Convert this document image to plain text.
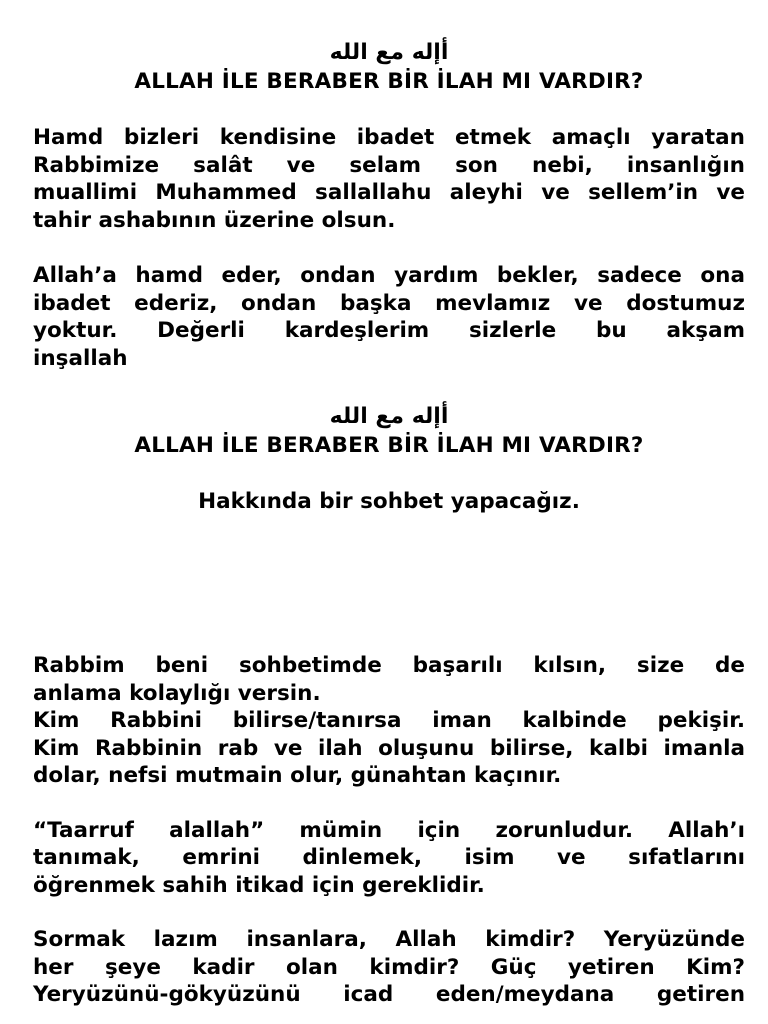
أإله مع الله
ALLAH İLE BERABER BİR İLAH MI VARDIR?
Hamd bizleri kendisine ibadet etmek amaçlı yaratan
Rabbimize salât ve selam son nebi, insanlığın
muallimi Muhammed sallallahu aleyhi ve sellem’in ve
tahir ashabının üzerine olsun.
Allah’a hamd eder, ondan yardım bekler, sadece ona
ibadet ederiz, ondan başka mevlamız ve dostumuz
yoktur. Değerli kardeşlerim sizlerle bu akşam
inşallah
أإله مع الله
ALLAH İLE BERABER BİR İLAH MI VARDIR?
Hakkında bir sohbet yapacağız.
Rabbim beni sohbetimde başarılı kılsın, size de
anlama kolaylığı versin.
Kim Rabbini bilirse/tanırsa iman kalbinde pekişir.
Kim Rabbinin rab ve ilah oluşunu bilirse, kalbi imanla
dolar, nefsi mutmain olur, günahtan kaçınır.
“Taarruf alallah” mümin için zorunludur. Allah’ı
tanımak, emrini dinlemek, isim ve sıfatlarını
öğrenmek sahih itikad için gereklidir.
Sormak lazım insanlara, Allah kimdir? Yeryüzünde
her şeye kadir olan kimdir? Güç yetiren Kim?
Yeryüzünü-gökyüzünü icad eden/meydana getiren
